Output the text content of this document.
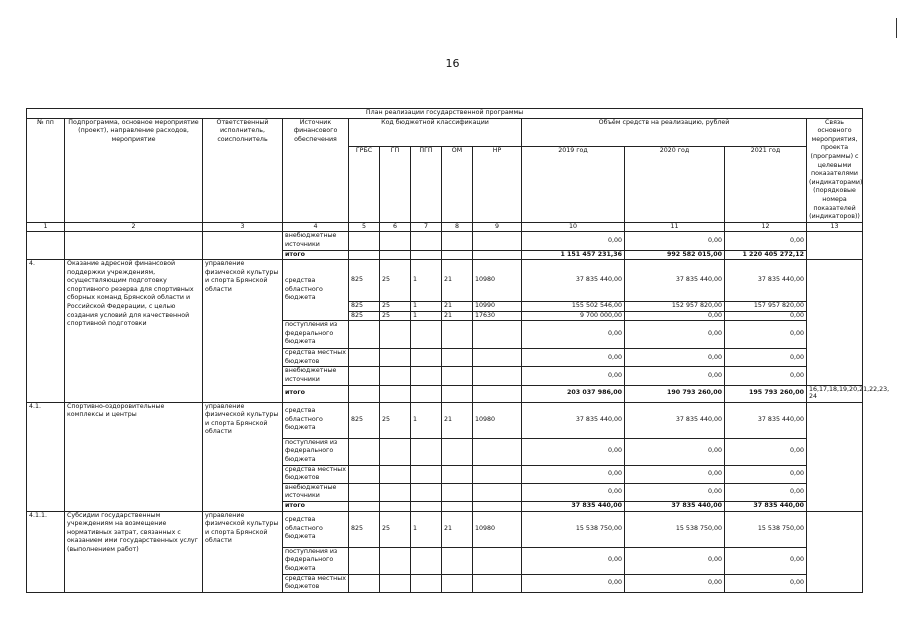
16
План реализации государственной программы												
№ пп	Подпрограмма, основное мероприятие (проект), направление расходов, мероприятие	Ответственный исполнитель, соисполнитель	Источник финансового обеспечения	Код бюджетной классификации					Объём средств на реализацию, рублей			Связь основного мероприятия, проекта (программы) с целевыми показателями (индикаторами) (порядковые номера показателей (индикаторов))
				ГРБС	ГП	ПГП	ОМ	НР	2019 год	2020 год	2021 год	
1	2	3	4	5	6	7	8	9	10	11	12	13
			внебюджетные источники						0,00	0,00	0,00	
			итого						1 151 457 231,36	992 582 015,00	1 220 405 272,12	
4.	Оказание адресной финансовой поддержки учреждениям, осуществляющим подготовку спортивного резерва для спортивных сборных команд Брянской области и Российской Федерации, с целью создания условий для качественной спортивной подготовки	управление физической культуры и спорта Брянской области	средства областного бюджета	825	25	1	21	10980	37 835 440,00	37 835 440,00	37 835 440,00	
				825	25	1	21	10990	155 502 546,00	152 957 820,00	157 957 820,00	
				825	25	1	21	17630	9 700 000,00	0,00	0,00	
			поступления из федерального бюджета						0,00	0,00	0,00	
			средства местных бюджетов						0,00	0,00	0,00	
			внебюджетные источники						0,00	0,00	0,00	
			итого						203 037 986,00	190 793 260,00	195 793 260,00	16,17,18,19,20,21,22,23, 24
4.1.	Спортивно-оздоровительные комплексы и центры	управление физической культуры и спорта Брянской области	средства областного бюджета	825	25	1	21	10980	37 835 440,00	37 835 440,00	37 835 440,00	
			поступления из федерального бюджета						0,00	0,00	0,00	
			средства местных бюджетов						0,00	0,00	0,00	
			внебюджетные источники						0,00	0,00	0,00	
			итого						37 835 440,00	37 835 440,00	37 835 440,00	
4.1.1.	Субсидии государственным учреждениям на возмещение нормативных затрат, связанных с оказанием ими государственных услуг (выполнением работ)	управление физической культуры и спорта Брянской области	средства областного бюджета	825	25	1	21	10980	15 538 750,00	15 538 750,00	15 538 750,00	
			поступления из федерального бюджета						0,00	0,00	0,00	
			средства местных бюджетов						0,00	0,00	0,00	
